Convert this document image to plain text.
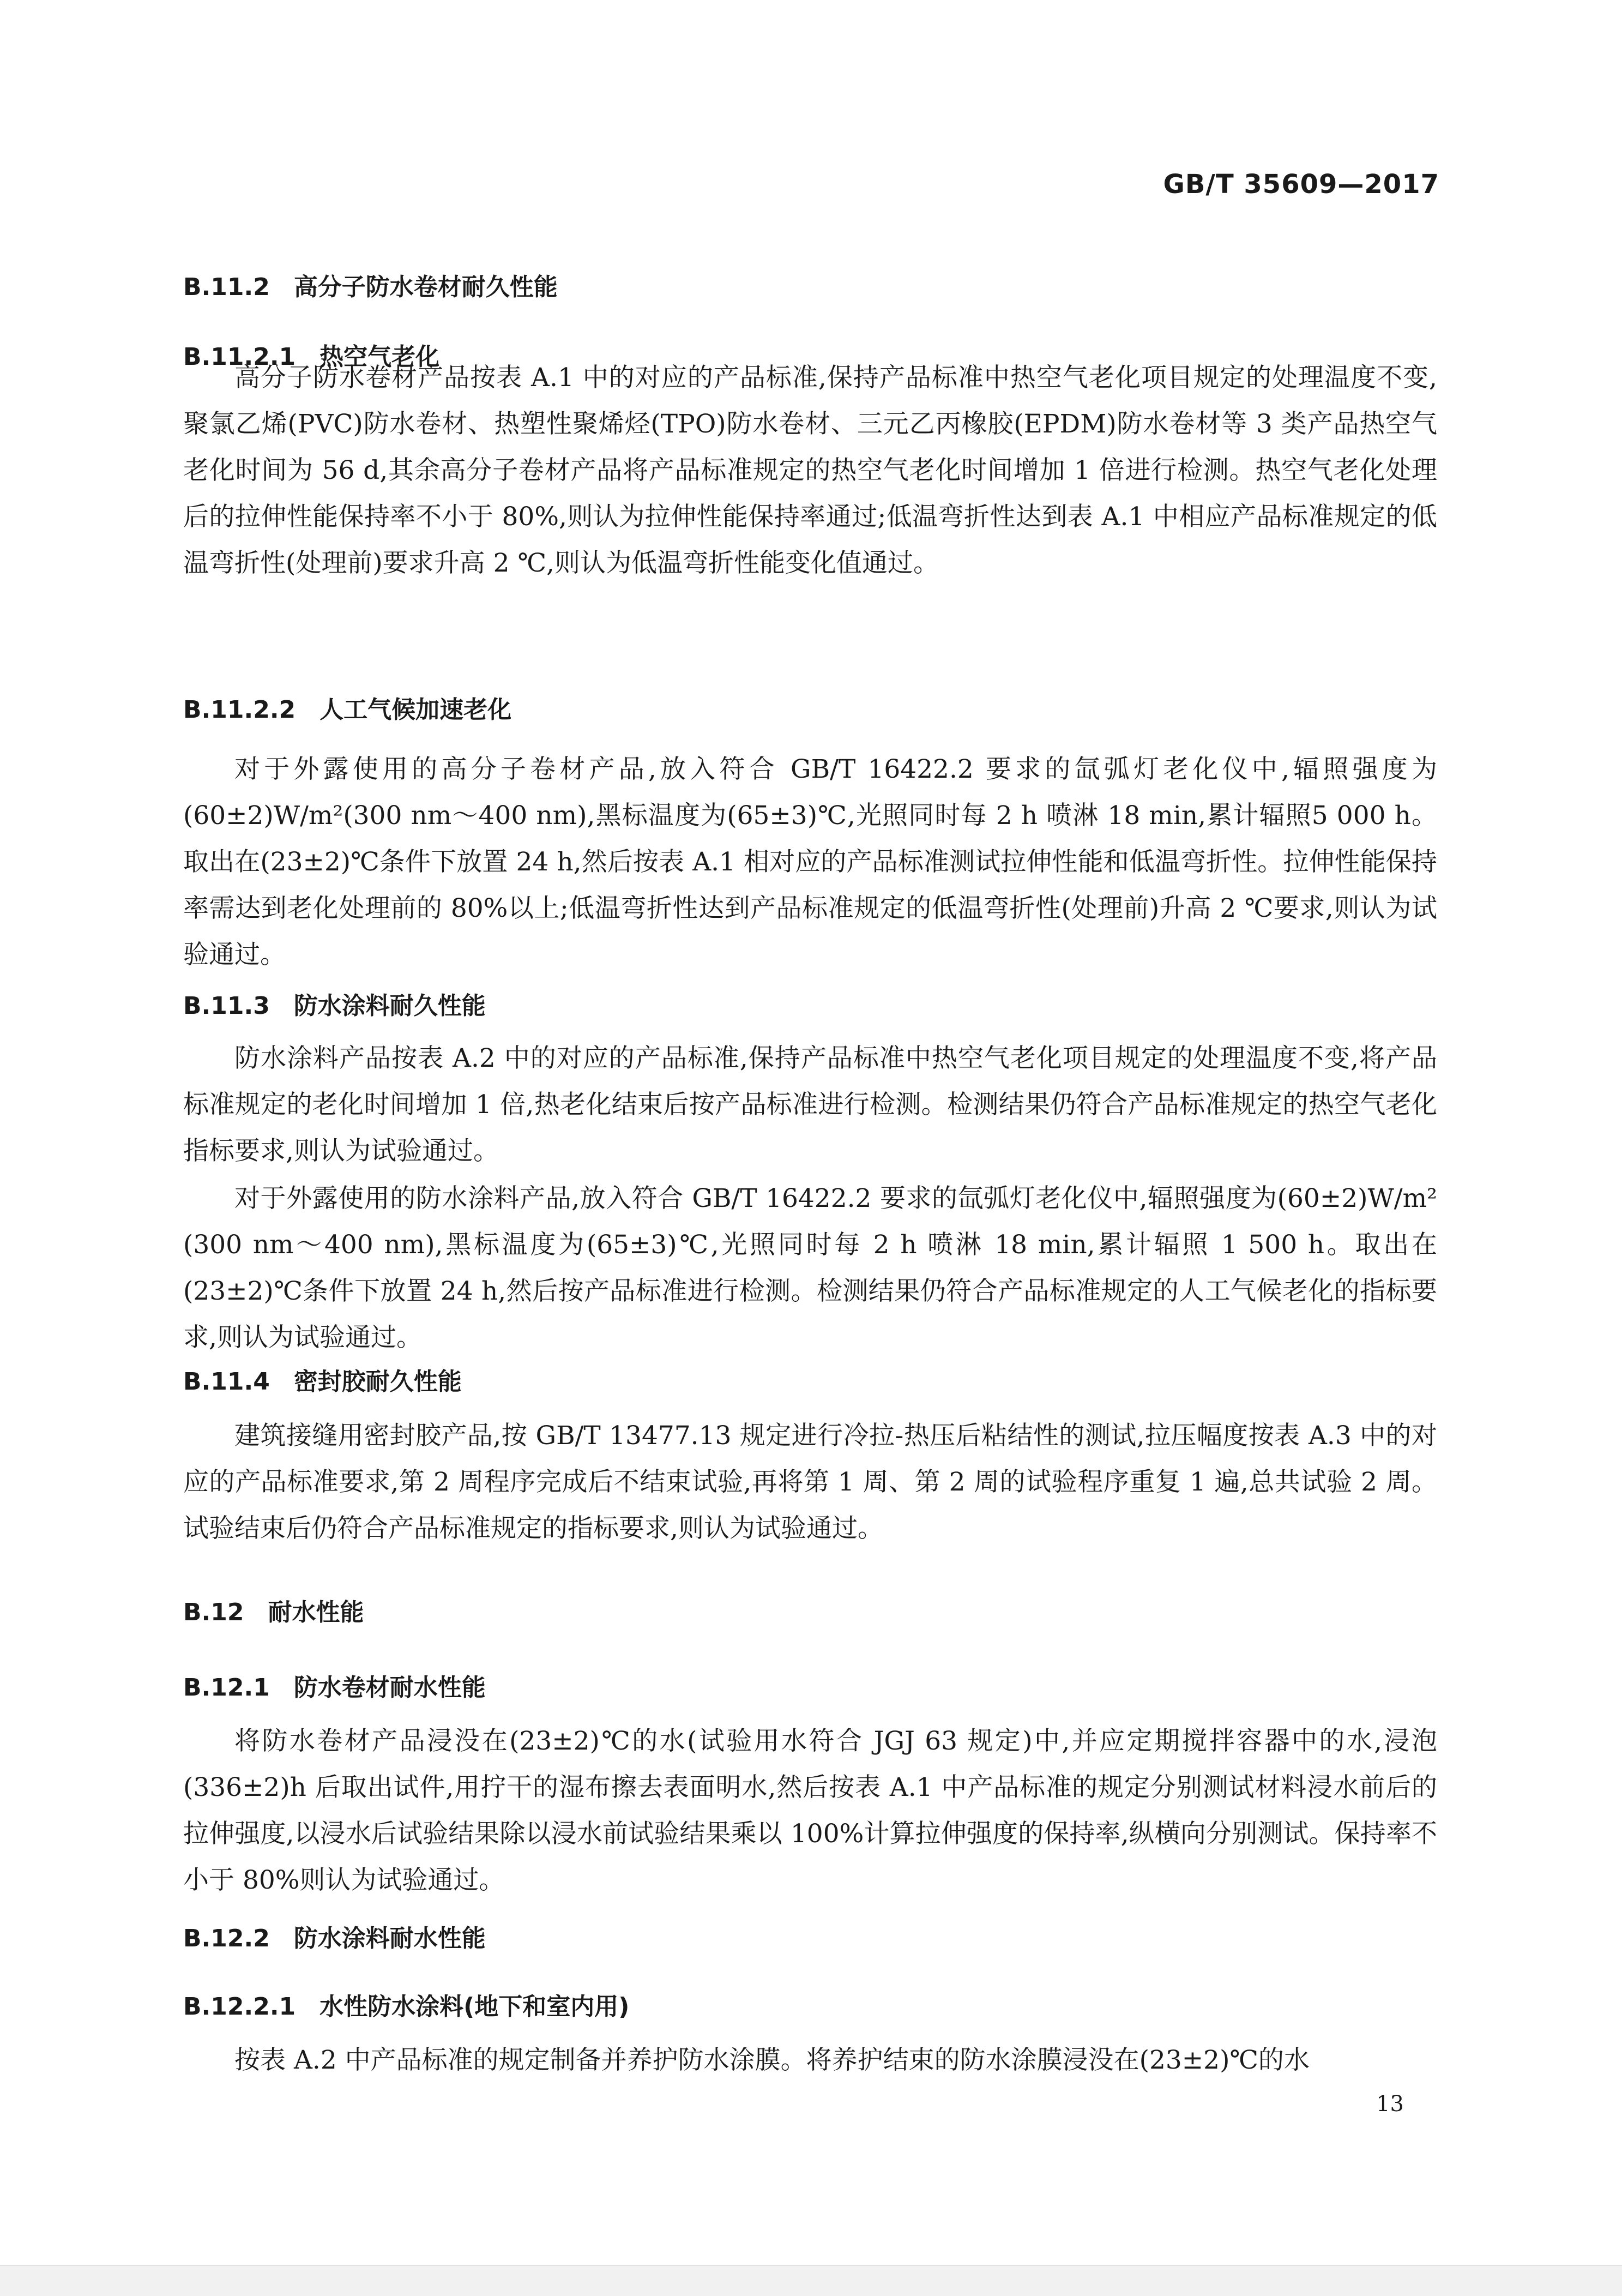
GB/T 35609—2017
B.11.2 高分子防水卷材耐久性能
B.11.2.1 热空气老化
高分子防水卷材产品按表 A.1 中的对应的产品标准,保持产品标准中热空气老化项目规定的处理温度不变,聚氯乙烯(PVC)防水卷材、热塑性聚烯烃(TPO)防水卷材、三元乙丙橡胶(EPDM)防水卷材等 3 类产品热空气老化时间为 56 d,其余高分子卷材产品将产品标准规定的热空气老化时间增加 1 倍进行检测。热空气老化处理后的拉伸性能保持率不小于 80%,则认为拉伸性能保持率通过;低温弯折性达到表 A.1 中相应产品标准规定的低温弯折性(处理前)要求升高 2 ℃,则认为低温弯折性能变化值通过。
B.11.2.2 人工气候加速老化
对于外露使用的高分子卷材产品,放入符合 GB/T 16422.2 要求的氙弧灯老化仪中,辐照强度为(60±2)W/m²(300 nm～400 nm),黑标温度为(65±3)℃,光照同时每 2 h 喷淋 18 min,累计辐照5 000 h。取出在(23±2)℃条件下放置 24 h,然后按表 A.1 相对应的产品标准测试拉伸性能和低温弯折性。拉伸性能保持率需达到老化处理前的 80%以上;低温弯折性达到产品标准规定的低温弯折性(处理前)升高 2 ℃要求,则认为试验通过。
B.11.3 防水涂料耐久性能
防水涂料产品按表 A.2 中的对应的产品标准,保持产品标准中热空气老化项目规定的处理温度不变,将产品标准规定的老化时间增加 1 倍,热老化结束后按产品标准进行检测。检测结果仍符合产品标准规定的热空气老化指标要求,则认为试验通过。
对于外露使用的防水涂料产品,放入符合 GB/T 16422.2 要求的氙弧灯老化仪中,辐照强度为(60±2)W/m² (300 nm～400 nm),黑标温度为(65±3)℃,光照同时每 2 h 喷淋 18 min,累计辐照 1 500 h。取出在(23±2)℃条件下放置 24 h,然后按产品标准进行检测。检测结果仍符合产品标准规定的人工气候老化的指标要求,则认为试验通过。
B.11.4 密封胶耐久性能
建筑接缝用密封胶产品,按 GB/T 13477.13 规定进行冷拉-热压后粘结性的测试,拉压幅度按表 A.3 中的对应的产品标准要求,第 2 周程序完成后不结束试验,再将第 1 周、第 2 周的试验程序重复 1 遍,总共试验 2 周。试验结束后仍符合产品标准规定的指标要求,则认为试验通过。
B.12 耐水性能
B.12.1 防水卷材耐水性能
将防水卷材产品浸没在(23±2)℃的水(试验用水符合 JGJ 63 规定)中,并应定期搅拌容器中的水,浸泡(336±2)h 后取出试件,用拧干的湿布擦去表面明水,然后按表 A.1 中产品标准的规定分别测试材料浸水前后的拉伸强度,以浸水后试验结果除以浸水前试验结果乘以 100%计算拉伸强度的保持率,纵横向分别测试。保持率不小于 80%则认为试验通过。
B.12.2 防水涂料耐水性能
B.12.2.1 水性防水涂料(地下和室内用)
按表 A.2 中产品标准的规定制备并养护防水涂膜。将养护结束的防水涂膜浸没在(23±2)℃的水
13
